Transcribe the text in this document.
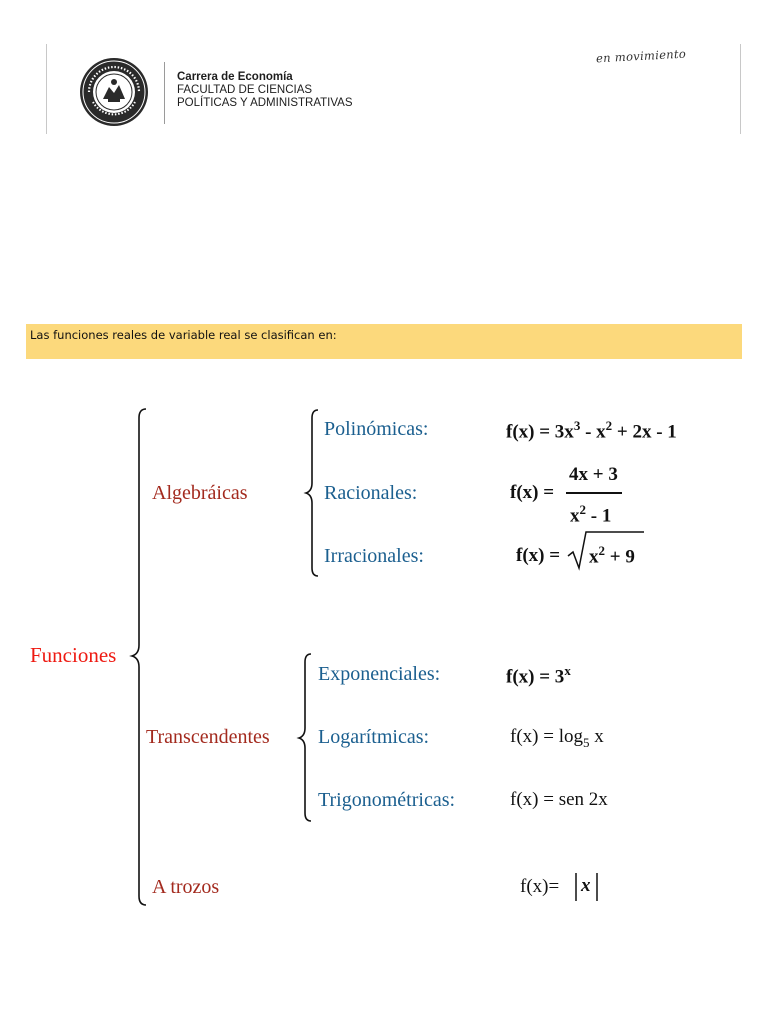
Carrera de Economía
FACULTAD DE CIENCIAS
POLÍTICAS Y ADMINISTRATIVAS
en movimiento
Las funciones reales de variable real se clasifican en:
Funciones
Algebráicas
Transcendentes
A trozos
Polinómicas:
Racionales:
Irracionales:
Exponenciales:
Logarítmicas:
Trigonométricas:
$f(x) = 3x^3 - x^2 + 2x - 1$
f(x) =
4x + 3
$x^2 - 1$
$f(x) = x^2 + 9$
$f(x) = 3^x$
$f(x) = \log_5 x$
f(x) = sen 2x
f(x)= x
